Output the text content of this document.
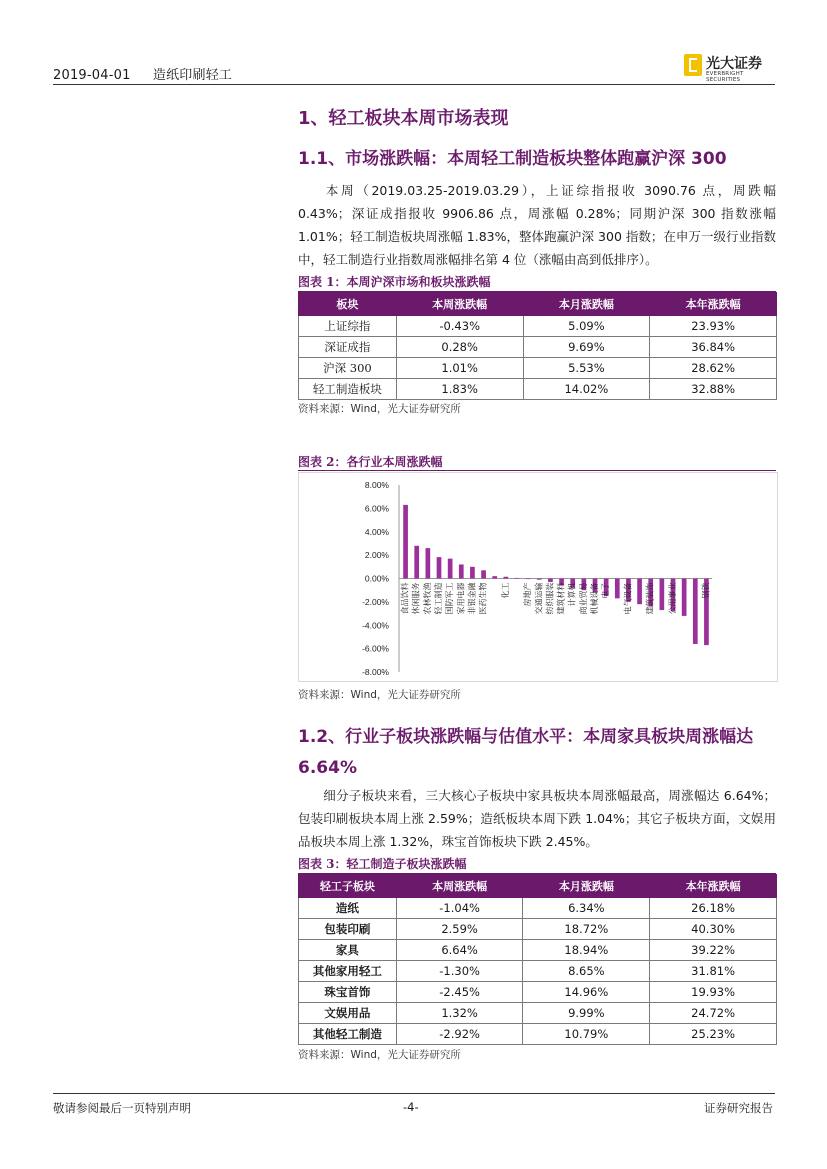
2019-04-01 造纸印刷轻工
光大证券
EVERBRIGHT SECURITIES
1、轻工板块本周市场表现
1.1、市场涨跌幅：本周轻工制造板块整体跑赢沪深 300
本周（2019.03.25-2019.03.29），上证综指报收 3090.76 点，周跌幅 0.43%；深证成指报收 9906.86 点，周涨幅 0.28%；同期沪深 300 指数涨幅 1.01%；轻工制造板块周涨幅 1.83%，整体跑赢沪深 300 指数；在申万一级行业指数中，轻工制造行业指数周涨幅排名第 4 位（涨幅由高到低排序）。
图表 1：本周沪深市场和板块涨跌幅
板块	本周涨跌幅	本月涨跌幅	本年涨跌幅
上证综指	-0.43%	5.09%	23.93%
深证成指	0.28%	9.69%	36.84%
沪深 300	1.01%	5.53%	28.62%
轻工制造板块	1.83%	14.02%	32.88%
资料来源：Wind，光大证券研究所
图表 2：各行业本周涨跌幅
8.00%
6.00%
4.00%
2.00%
0.00%
-2.00%
-4.00%
-6.00%
-8.00%
食品饮料 休闲服务 农林牧渔 轻工制造 国防军工 家用电器 非银金融 医药生物 化工 房地产 交通运输 纺织服装 建筑材料 计算机 商业贸易 机械设备 电子 电气设备 建筑装饰 公用事业	钢铁
资料来源：Wind，光大证券研究所
1.2、行业子板块涨跌幅与估值水平：本周家具板块周涨幅达 6.64%
细分子板块来看，三大核心子板块中家具板块本周涨幅最高，周涨幅达 6.64%；包装印刷板块本周上涨 2.59%；造纸板块本周下跌 1.04%；其它子板块方面，文娱用品板块本周上涨 1.32%，珠宝首饰板块下跌 2.45%。
图表 3：轻工制造子板块涨跌幅
轻工子板块	本周涨跌幅	本月涨跌幅	本年涨跌幅
造纸	-1.04%	6.34%	26.18%
包装印刷	2.59%	18.72%	40.30%
家具	6.64%	18.94%	39.22%
其他家用轻工	-1.30%	8.65%	31.81%
珠宝首饰	-2.45%	14.96%	19.93%
文娱用品	1.32%	9.99%	24.72%
其他轻工制造	-2.92%	10.79%	25.23%
资料来源：Wind，光大证券研究所
敬请参阅最后一页特别声明	-4-	证券研究报告
